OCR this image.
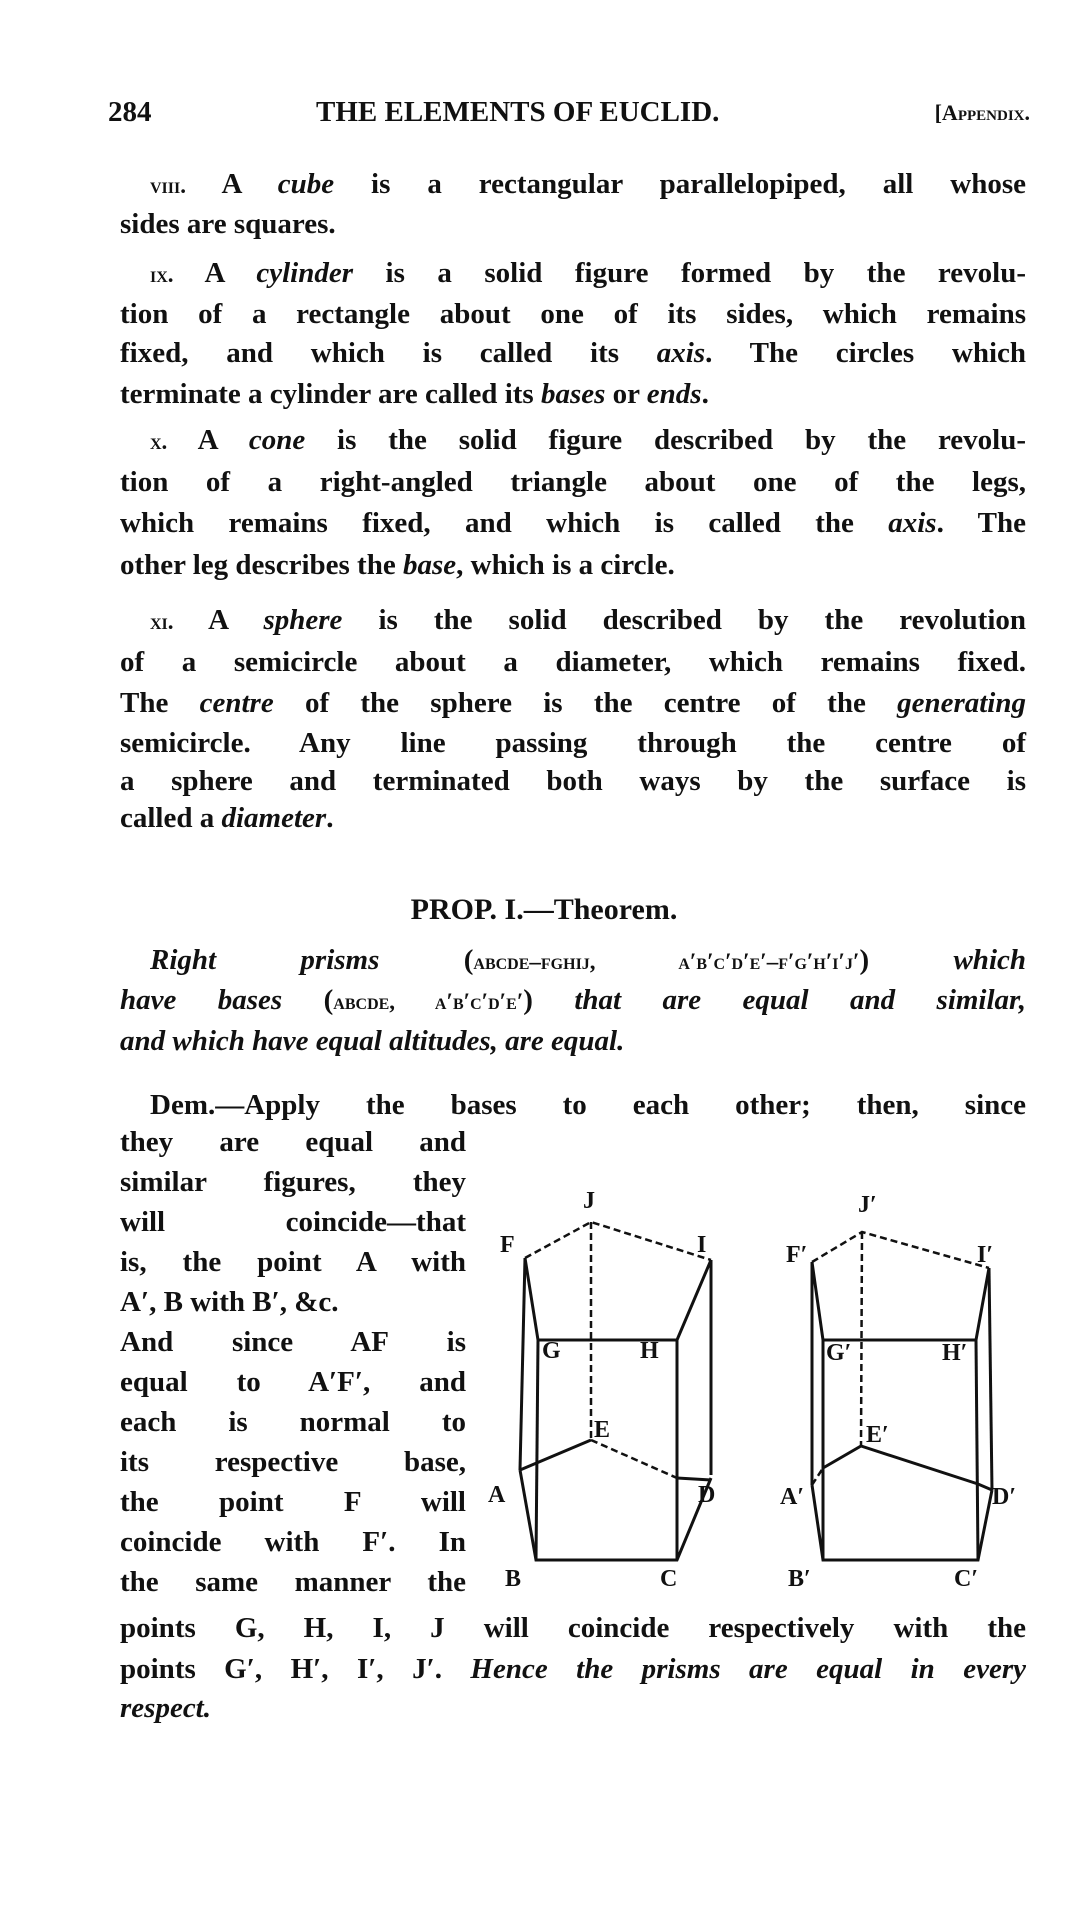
284	THE ELEMENTS OF EUCLID.	[Appendix.
PROP. I.—Theorem.
viii. A cube is a rectangular parallelopiped, all whose
sides are squares.
ix. A cylinder is a solid figure formed by the revolu-
tion of a rectangle about one of its sides, which remains
fixed, and which is called its axis. The circles which
terminate a cylinder are called its bases or ends.
x. A cone is the solid figure described by the revolu-
tion of a right-angled triangle about one of the legs,
which remains fixed, and which is called the axis. The
other leg describes the base, which is a circle.
xi. A sphere is the solid described by the revolution
of a semicircle about a diameter, which remains fixed.
The centre of the sphere is the centre of the generating
semicircle. Any line passing through the centre of
a sphere and terminated both ways by the surface is
called a diameter.
Right prisms (abcde–fghij, a′b′c′d′e′–f′g′h′i′j′) which
have bases (abcde, a′b′c′d′e′) that are equal and similar,
and which have equal altitudes, are equal.
Dem.—Apply the bases to each other; then, since
they are equal and
similar figures, they
will coincide—that
is, the point A with
A′, B with B′, &c.
And since AF is
equal to A′F′, and
each is normal to
its respective base,
the point F will
coincide with F′. In
the same manner the
points G, H, I, J will coincide respectively with the
points G′, H′, I′, J′. Hence the prisms are equal in every
respect.
F
J
I
G	H
E
A	D
B	C
F′
J′
I′
G′	H′
E′
A′	D′
B′	C′
